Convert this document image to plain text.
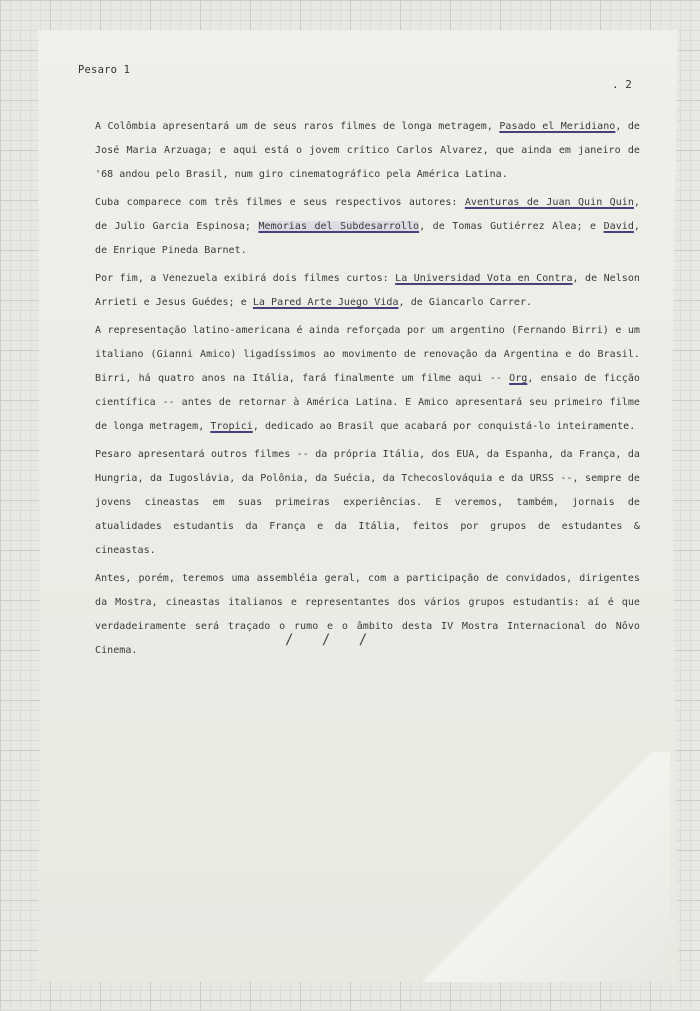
Pesaro 1
. 2

A Colômbia apresentará um de seus raros filmes de longa metragem, Pasado el Meridiano, de José Maria Arzuaga; e aqui está o jovem crítico Carlos Alvarez, que ainda em janeiro de '68 andou pelo Brasil, num giro cinematográfico pela América Latina.

Cuba comparece com três filmes e seus respectivos autores: Aventuras de Juan Quin Quin, de Julio Garcia Espinosa; Memorias del Subdesarrollo, de Tomas Gutiérrez Alea; e David, de Enrique Pineda Barnet.

Por fim, a Venezuela exibirá dois filmes curtos: La Universidad Vota en Contra, de Nelson Arrieti e Jesus Guédes; e La Pared Arte Juego Vida, de Giancarlo Carrer.

A representação latino-americana é ainda reforçada por um argentino (Fernando Birri) e um italiano (Gianni Amico) ligadíssimos ao movimento de renovação da Argentina e do Brasil. Birri, há quatro anos na Itália, fará finalmente um filme aqui -- Org, ensaio de ficção científica -- antes de retornar à América Latina. E Amico apresentará seu primeiro filme de longa metragem, Tropici, dedicado ao Brasil que acabará por conquistá-lo inteiramente.

Pesaro apresentará outros filmes -- da própria Itália, dos EUA, da Espanha, da França, da Hungria, da Iugoslávia, da Polônia, da Suécia, da Tchecoslováquia e da URSS --, sempre de jovens cineastas em suas primeiras experiências. E veremos, também, jornais de atualidades estudantis da França e da Itália, feitos por grupos de estudantes & cineastas.

Antes, porém, teremos uma assembléia geral, com a participação de convidados, dirigentes da Mostra, cineastas italianos e representantes dos vários grupos estudantis: aí é que verdadeiramente será traçado o rumo e o âmbito desta IV Mostra Internacional do Nôvo Cinema.

/ / /
